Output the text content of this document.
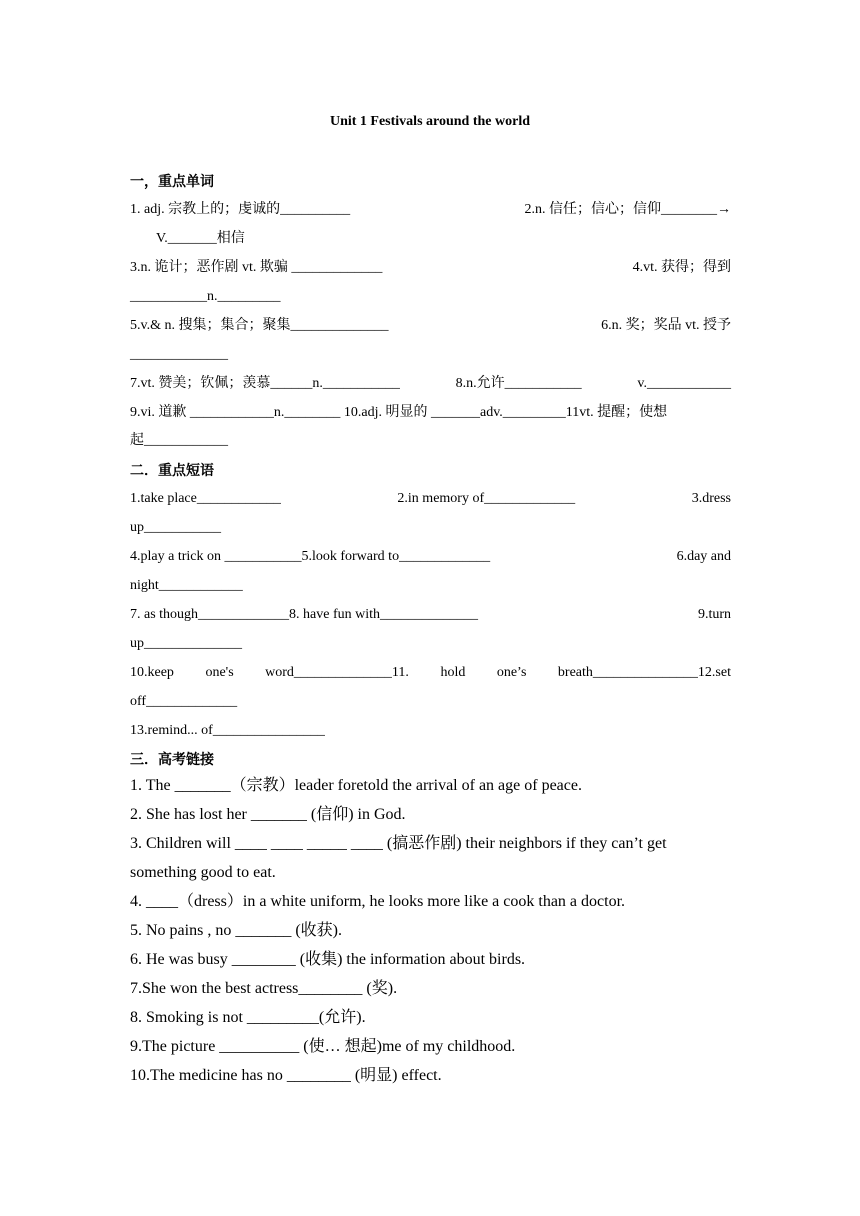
Unit 1 Festivals around the world
一，重点单词
1. adj. 宗教上的；虔诚的__________	2.n. 信任；信心；信仰________→
V._______相信
3.n. 诡计；恶作剧 vt. 欺骗 _____________	4.vt. 获得；得到
___________n._________
5.v.& n. 搜集；集合；聚集______________	6.n. 奖；奖品 vt. 授予
______________
7.vt. 赞美；钦佩；羡慕______n.___________	8.n.允许___________	v.____________
9.vi. 道歉 ____________n.________ 10.adj. 明显的 _______adv._________11vt. 提醒；使想
起____________
二．重点短语
1.take place____________	2.in memory of_____________	3.dress
up___________
4.play a trick on ___________5.look forward to_____________	6.day and
night____________
7. as though_____________8. have fun with______________	9.turn
up______________
10.keep one's word______________11. hold one’s breath_______________12.set
off_____________
13.remind... of________________
三．高考链接
1. The _______（宗教）leader foretold the arrival of an age of peace.
2. She has lost her _______ (信仰) in God.
3. Children will ____ ____ _____ ____ (搞恶作剧) their neighbors if they can’t get
something good to eat.
4. ____（dress）in a white uniform, he looks more like a cook than a doctor.
5. No pains , no _______ (收获).
6. He was busy ________ (收集) the information about birds.
7.She won the best actress________ (奖).
8. Smoking is not _________(允许).
9.The picture __________ (使… 想起)me of my childhood.
10.The medicine has no ________ (明显) effect.
